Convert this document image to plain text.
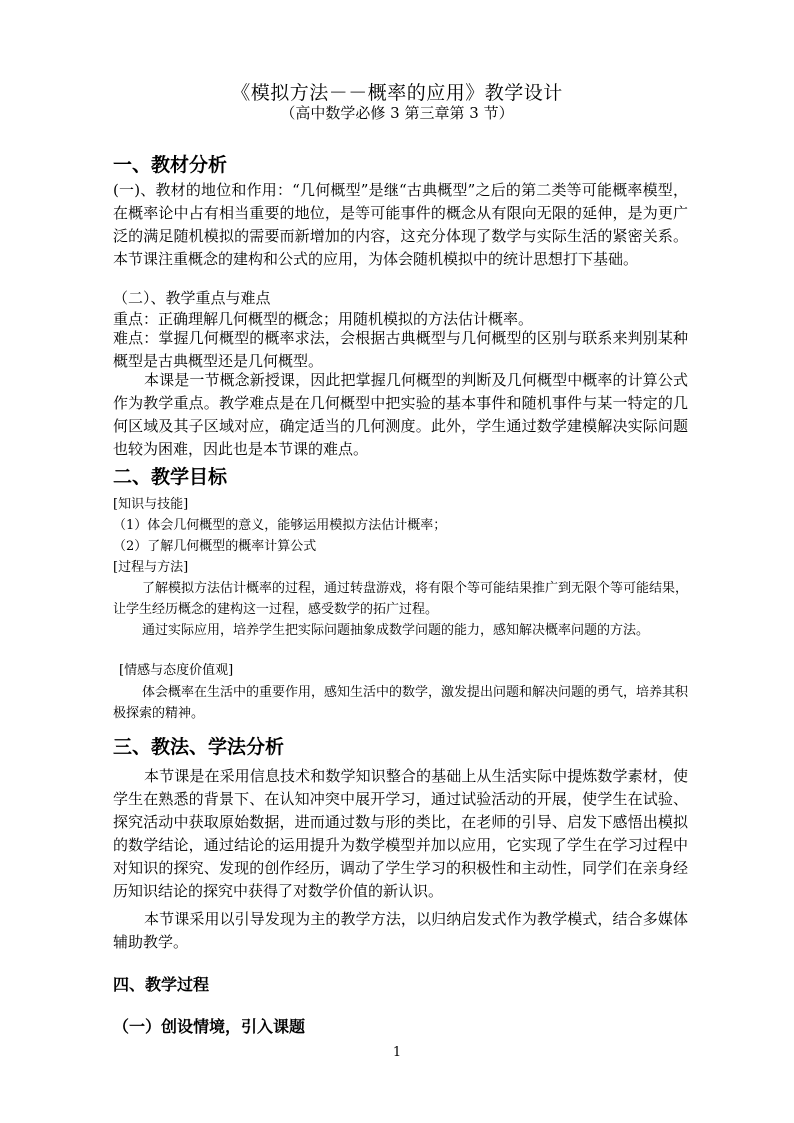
《模拟方法－－概率的应用》教学设计
（高中数学必修 3 第三章第 3 节）
一、教材分析

(一)、教材的地位和作用：“几何概型”是继“古典概型”之后的第二类等可能概率模型，在概率论中占有相当重要的地位，是等可能事件的概念从有限向无限的延伸，是为更广泛的满足随机模拟的需要而新增加的内容，这充分体现了数学与实际生活的紧密关系。本节课注重概念的建构和公式的应用，为体会随机模拟中的统计思想打下基础。

（二）、教学重点与难点

重点：正确理解几何概型的概念；用随机模拟的方法估计概率。

难点：掌握几何概型的概率求法，会根据古典概型与几何概型的区别与联系来判别某种概型是古典概型还是几何概型。

本课是一节概念新授课，因此把掌握几何概型的判断及几何概型中概率的计算公式作为教学重点。教学难点是在几何概型中把实验的基本事件和随机事件与某一特定的几何区域及其子区域对应，确定适当的几何测度。此外，学生通过数学建模解决实际问题也较为困难，因此也是本节课的难点。

二、教学目标

[知识与技能]

（1）体会几何概型的意义，能够运用模拟方法估计概率；

（2）了解几何概型的概率计算公式

[过程与方法]

了解模拟方法估计概率的过程，通过转盘游戏，将有限个等可能结果推广到无限个等可能结果，让学生经历概念的建构这一过程，感受数学的拓广过程。

通过实际应用，培养学生把实际问题抽象成数学问题的能力，感知解决概率问题的方法。

[情感与态度价值观]

体会概率在生活中的重要作用，感知生活中的数学，激发提出问题和解决问题的勇气，培养其积极探索的精神。

三、教法、学法分析

本节课是在采用信息技术和数学知识整合的基础上从生活实际中提炼数学素材，使学生在熟悉的背景下、在认知冲突中展开学习，通过试验活动的开展，使学生在试验、探究活动中获取原始数据，进而通过数与形的类比，在老师的引导、启发下感悟出模拟的数学结论，通过结论的运用提升为数学模型并加以应用，它实现了学生在学习过程中对知识的探究、发现的创作经历，调动了学生学习的积极性和主动性，同学们在亲身经历知识结论的探究中获得了对数学价值的新认识。

本节课采用以引导发现为主的教学方法，以归纳启发式作为教学模式，结合多媒体辅助教学。

四、教学过程
（一）创设情境，引入课题
1
